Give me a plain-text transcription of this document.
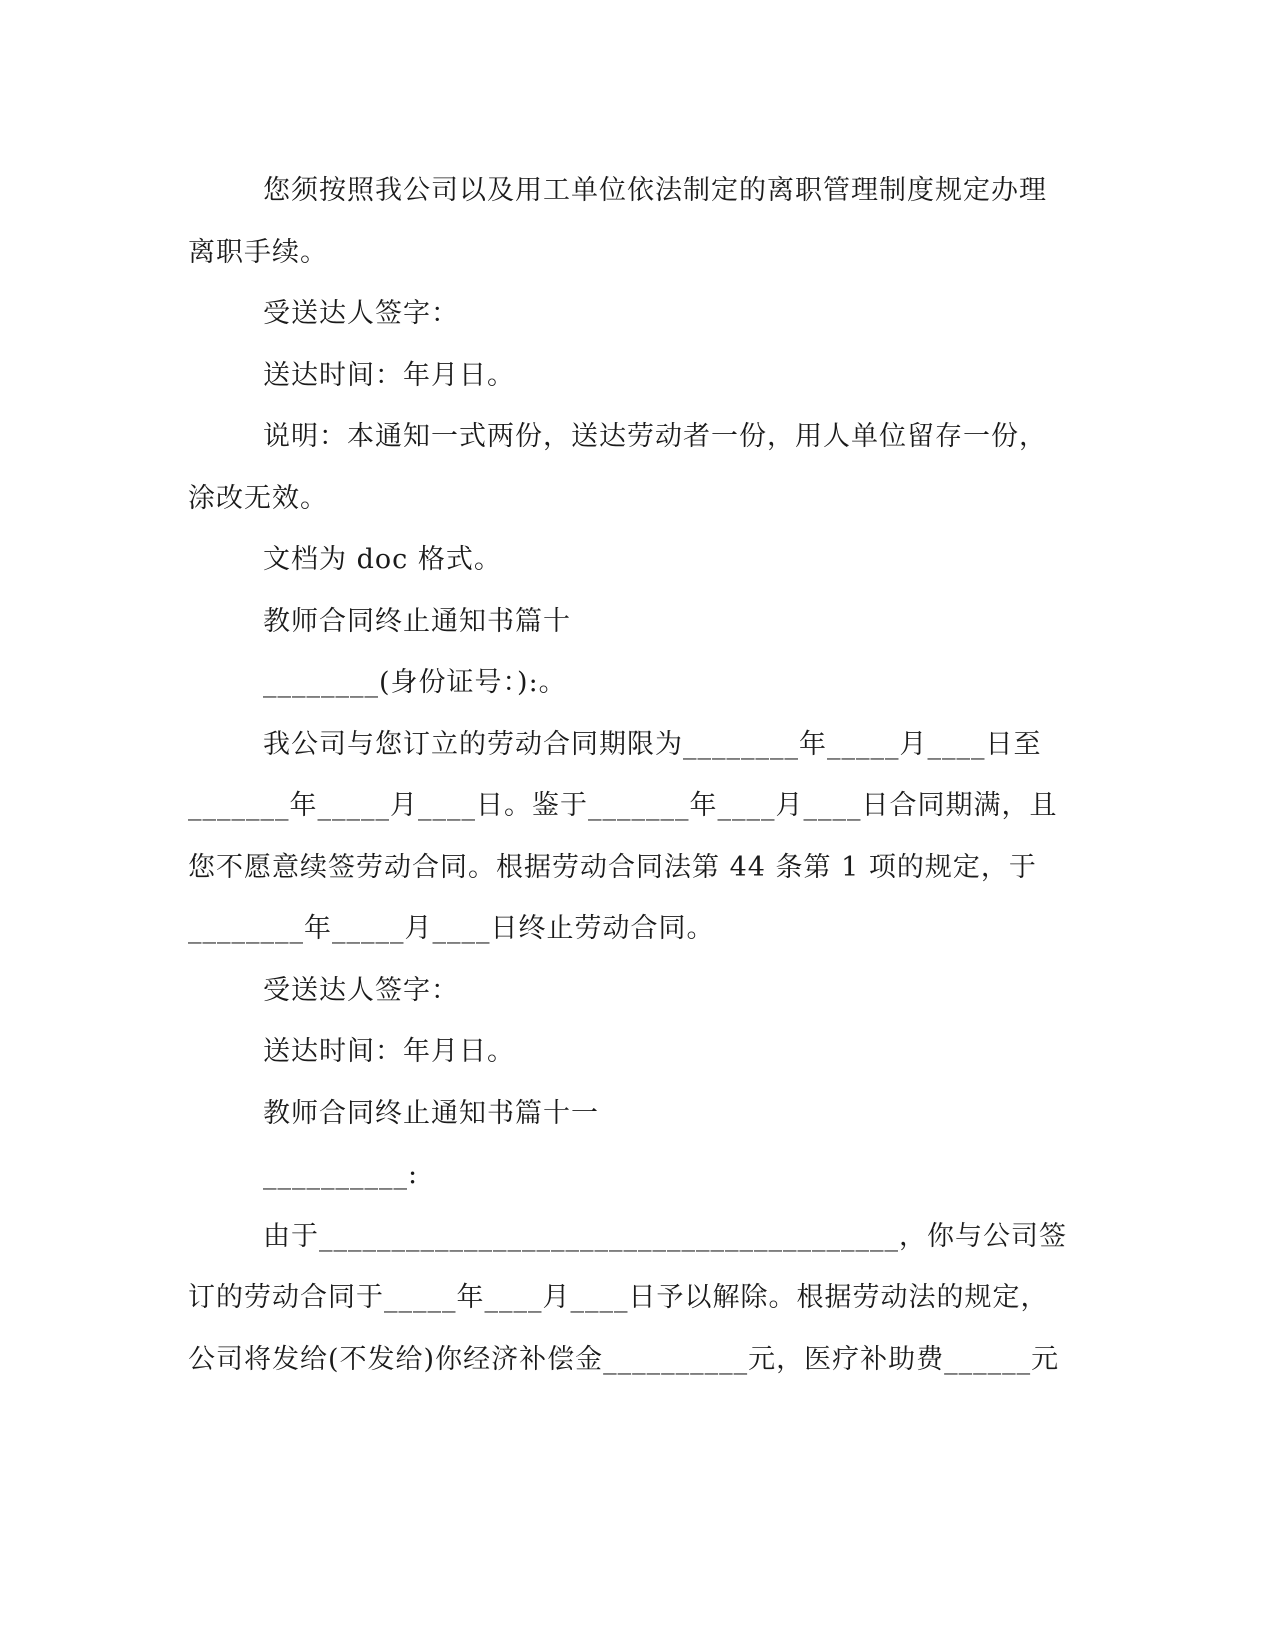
您须按照我公司以及用工单位依法制定的离职管理制度规定办理
离职手续。
受送达人签字：
送达时间：年月日。
说明：本通知一式两份，送达劳动者一份，用人单位留存一份，
涂改无效。
文档为 doc 格式。
教师合同终止通知书篇十
________(身份证号：):。
我公司与您订立的劳动合同期限为________年_____月____日至
_______年_____月____日。鉴于_______年____月____日合同期满，且
您不愿意续签劳动合同。根据劳动合同法第 44 条第 1 项的规定，于
________年_____月____日终止劳动合同。
受送达人签字：
送达时间：年月日。
教师合同终止通知书篇十一
__________:
由于________________________________________，你与公司签
订的劳动合同于_____年____月____日予以解除。根据劳动法的规定，
公司将发给(不发给)你经济补偿金__________元，医疗补助费______元
